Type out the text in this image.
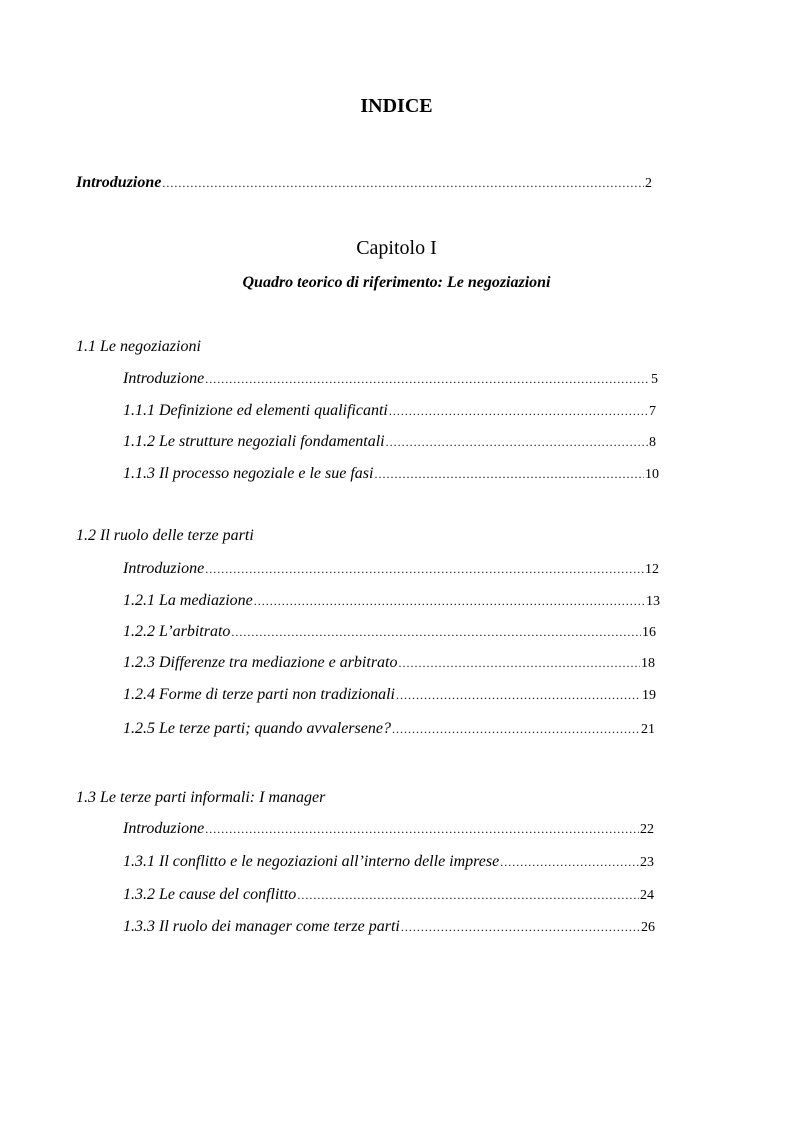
INDICE
Introduzione .....	2
Capitolo I
Quadro teorico di riferimento: Le negoziazioni
1.1 Le negoziazioni
Introduzione .....	5
1.1.1 Definizione ed elementi qualificanti .....	7
1.1.2 Le strutture negoziali fondamentali .....	8
1.1.3 Il processo negoziale e le sue fasi .....	10
1.2 Il ruolo delle terze parti
Introduzione .....	12
1.2.1 La mediazione .....	13
1.2.2 L’arbitrato .....	16
1.2.3 Differenze tra mediazione e arbitrato .....	18
1.2.4 Forme di terze parti non tradizionali .....	19
1.2.5 Le terze parti; quando avvalersene? .....	21
1.3 Le terze parti informali: I manager
Introduzione .....	22
1.3.1 Il conflitto e le negoziazioni all’interno delle imprese .....	23
1.3.2 Le cause del conflitto .....	24
1.3.3 Il ruolo dei manager come terze parti .....	26
